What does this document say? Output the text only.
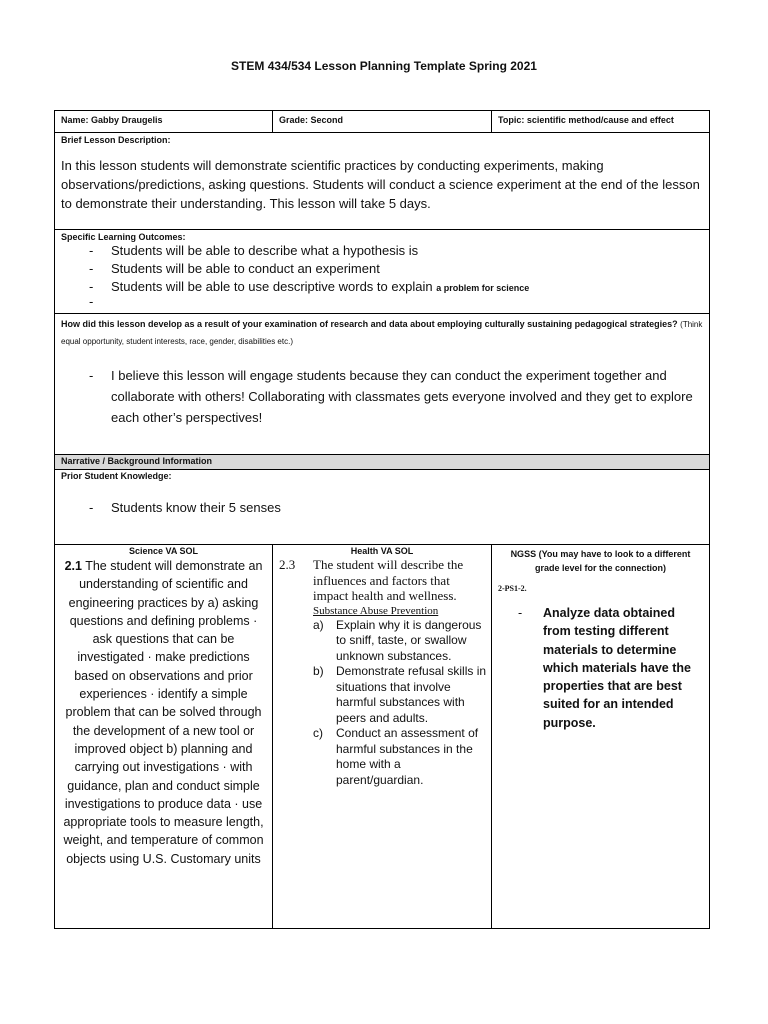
STEM 434/534 Lesson Planning Template Spring 2021
Name: Gabby Draugelis	Grade: Second	Topic: scientific method/cause and effect
Brief Lesson Description:
In this lesson students will demonstrate scientific practices by conducting experiments, making observations/predictions, asking questions. Students will conduct a science experiment at the end of the lesson to demonstrate their understanding. This lesson will take 5 days.
Specific Learning Outcomes:
- Students will be able to describe what a hypothesis is
- Students will be able to conduct an experiment
- Students will be able to use descriptive words to explain a problem for science
-
How did this lesson develop as a result of your examination of research and data about employing culturally sustaining pedagogical strategies? (Think equal opportunity, student interests, race, gender, disabilities etc.)
- I believe this lesson will engage students because they can conduct the experiment together and collaborate with others! Collaborating with classmates gets everyone involved and they get to explore each other’s perspectives!
Narrative / Background Information
Prior Student Knowledge:
- Students know their 5 senses
Science VA SOL
2.1 The student will demonstrate an understanding of scientific and engineering practices by a) asking questions and defining problems · ask questions that can be investigated · make predictions based on observations and prior experiences · identify a simple problem that can be solved through the development of a new tool or improved object b) planning and carrying out investigations · with guidance, plan and conduct simple investigations to produce data · use appropriate tools to measure length, weight, and temperature of common objects using U.S. Customary units
Health VA SOL
2.3 The student will describe the influences and factors that impact health and wellness.
Substance Abuse Prevention
a) Explain why it is dangerous to sniff, taste, or swallow unknown substances.
b) Demonstrate refusal skills in situations that involve harmful substances with peers and adults.
c) Conduct an assessment of harmful substances in the home with a parent/guardian.
NGSS (You may have to look to a different grade level for the connection)
2-PS1-2.
- Analyze data obtained from testing different materials to determine which materials have the properties that are best suited for an intended purpose.
